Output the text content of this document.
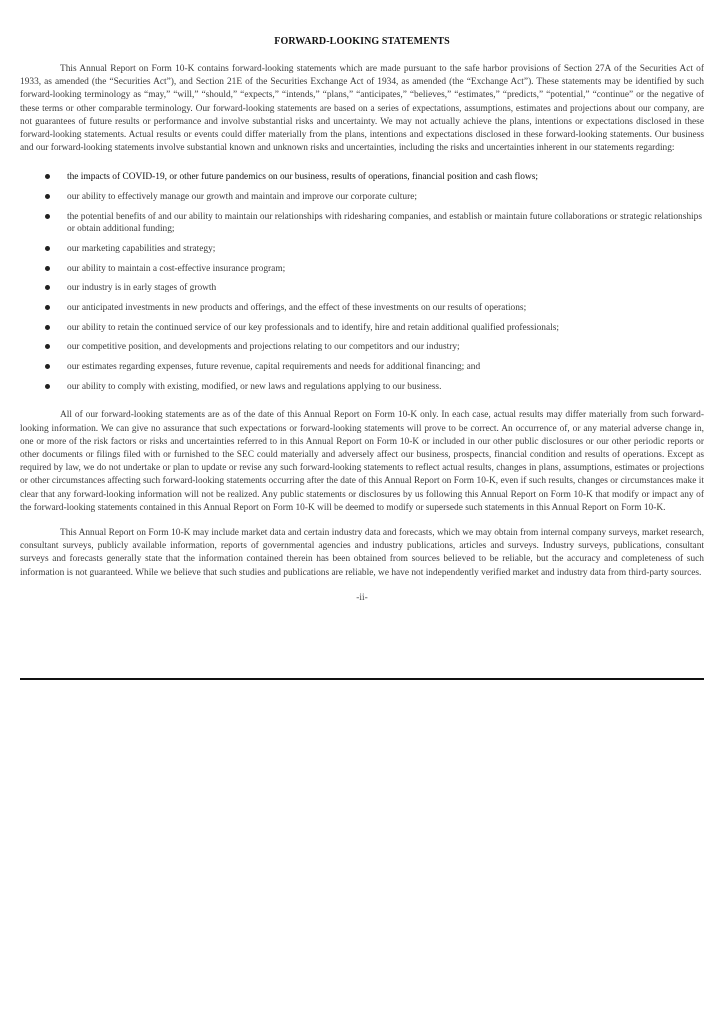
FORWARD-LOOKING STATEMENTS

This Annual Report on Form 10-K contains forward-looking statements which are made pursuant to the safe harbor provisions of Section 27A of the Securities Act of 1933, as amended (the “Securities Act”), and Section 21E of the Securities Exchange Act of 1934, as amended (the “Exchange Act”). These statements may be identified by such forward-looking terminology as “may,” “will,” “should,” “expects,” “intends,” “plans,” “anticipates,” “believes,” “estimates,” “predicts,” “potential,” “continue” or the negative of these terms or other comparable terminology. Our forward-looking statements are based on a series of expectations, assumptions, estimates and projections about our company, are not guarantees of future results or performance and involve substantial risks and uncertainty. We may not actually achieve the plans, intentions or expectations disclosed in these forward-looking statements. Actual results or events could differ materially from the plans, intentions and expectations disclosed in these forward-looking statements. Our business and our forward-looking statements involve substantial known and unknown risks and uncertainties, including the risks and uncertainties inherent in our statements regarding:

the impacts of COVID-19, or other future pandemics on our business, results of operations, financial position and cash flows;
our ability to effectively manage our growth and maintain and improve our corporate culture;
the potential benefits of and our ability to maintain our relationships with ridesharing companies, and establish or maintain future collaborations or strategic relationships or obtain additional funding;
our marketing capabilities and strategy;
our ability to maintain a cost-effective insurance program;
our industry is in early stages of growth
our anticipated investments in new products and offerings, and the effect of these investments on our results of operations;
our ability to retain the continued service of our key professionals and to identify, hire and retain additional qualified professionals;
our competitive position, and developments and projections relating to our competitors and our industry;
our estimates regarding expenses, future revenue, capital requirements and needs for additional financing; and
our ability to comply with existing, modified, or new laws and regulations applying to our business.

All of our forward-looking statements are as of the date of this Annual Report on Form 10-K only. In each case, actual results may differ materially from such forward-looking information. We can give no assurance that such expectations or forward-looking statements will prove to be correct. An occurrence of, or any material adverse change in, one or more of the risk factors or risks and uncertainties referred to in this Annual Report on Form 10-K or included in our other public disclosures or our other periodic reports or other documents or filings filed with or furnished to the SEC could materially and adversely affect our business, prospects, financial condition and results of operations. Except as required by law, we do not undertake or plan to update or revise any such forward-looking statements to reflect actual results, changes in plans, assumptions, estimates or projections or other circumstances affecting such forward-looking statements occurring after the date of this Annual Report on Form 10-K, even if such results, changes or circumstances make it clear that any forward-looking information will not be realized. Any public statements or disclosures by us following this Annual Report on Form 10-K that modify or impact any of the forward-looking statements contained in this Annual Report on Form 10-K will be deemed to modify or supersede such statements in this Annual Report on Form 10-K.

This Annual Report on Form 10-K may include market data and certain industry data and forecasts, which we may obtain from internal company surveys, market research, consultant surveys, publicly available information, reports of governmental agencies and industry publications, articles and surveys. Industry surveys, publications, consultant surveys and forecasts generally state that the information contained therein has been obtained from sources believed to be reliable, but the accuracy and completeness of such information is not guaranteed. While we believe that such studies and publications are reliable, we have not independently verified market and industry data from third-party sources.

-ii-
